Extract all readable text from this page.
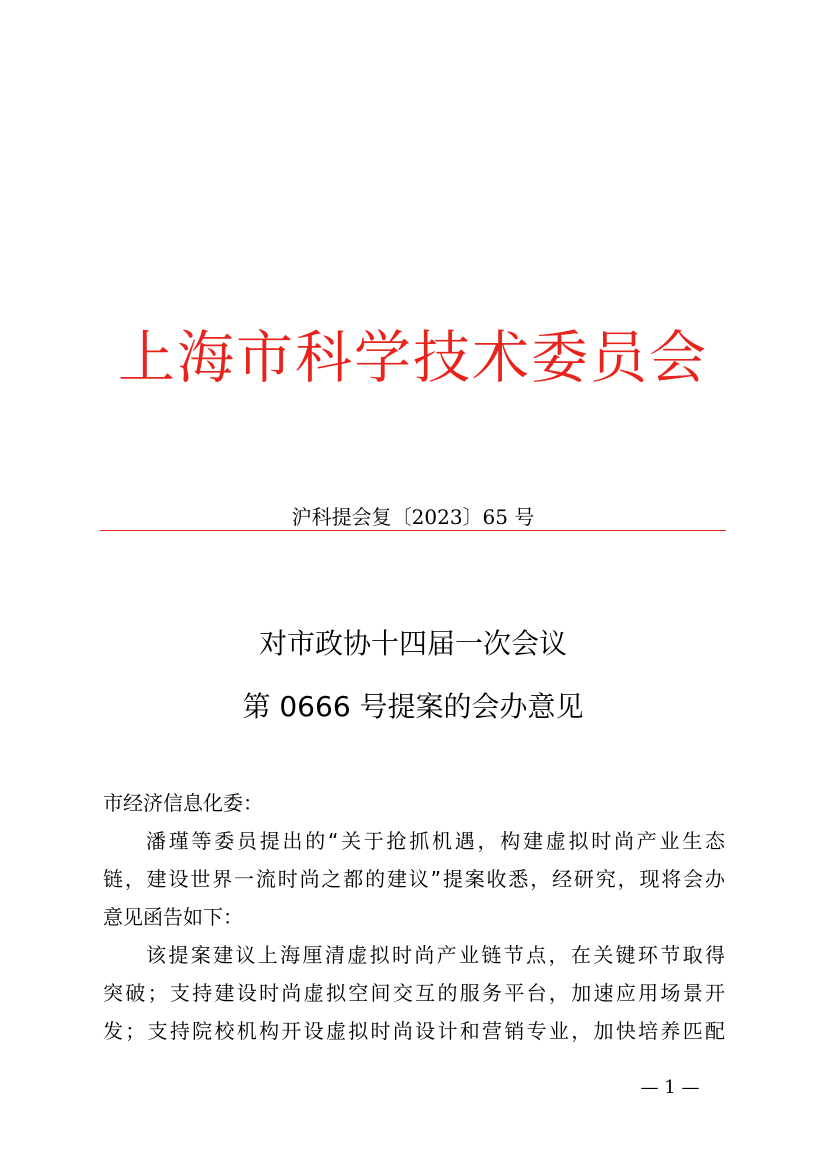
上海市科学技术委员会
沪科提会复〔2023〕65 号
对市政协十四届一次会议
第 0666 号提案的会办意见
市经济信息化委：
潘瑾等委员提出的“关于抢抓机遇，构建虚拟时尚产业生态
链，建设世界一流时尚之都的建议”提案收悉，经研究，现将会办
意见函告如下：
该提案建议上海厘清虚拟时尚产业链节点，在关键环节取得
突破；支持建设时尚虚拟空间交互的服务平台，加速应用场景开
发；支持院校机构开设虚拟时尚设计和营销专业，加快培养匹配
— 1 —
